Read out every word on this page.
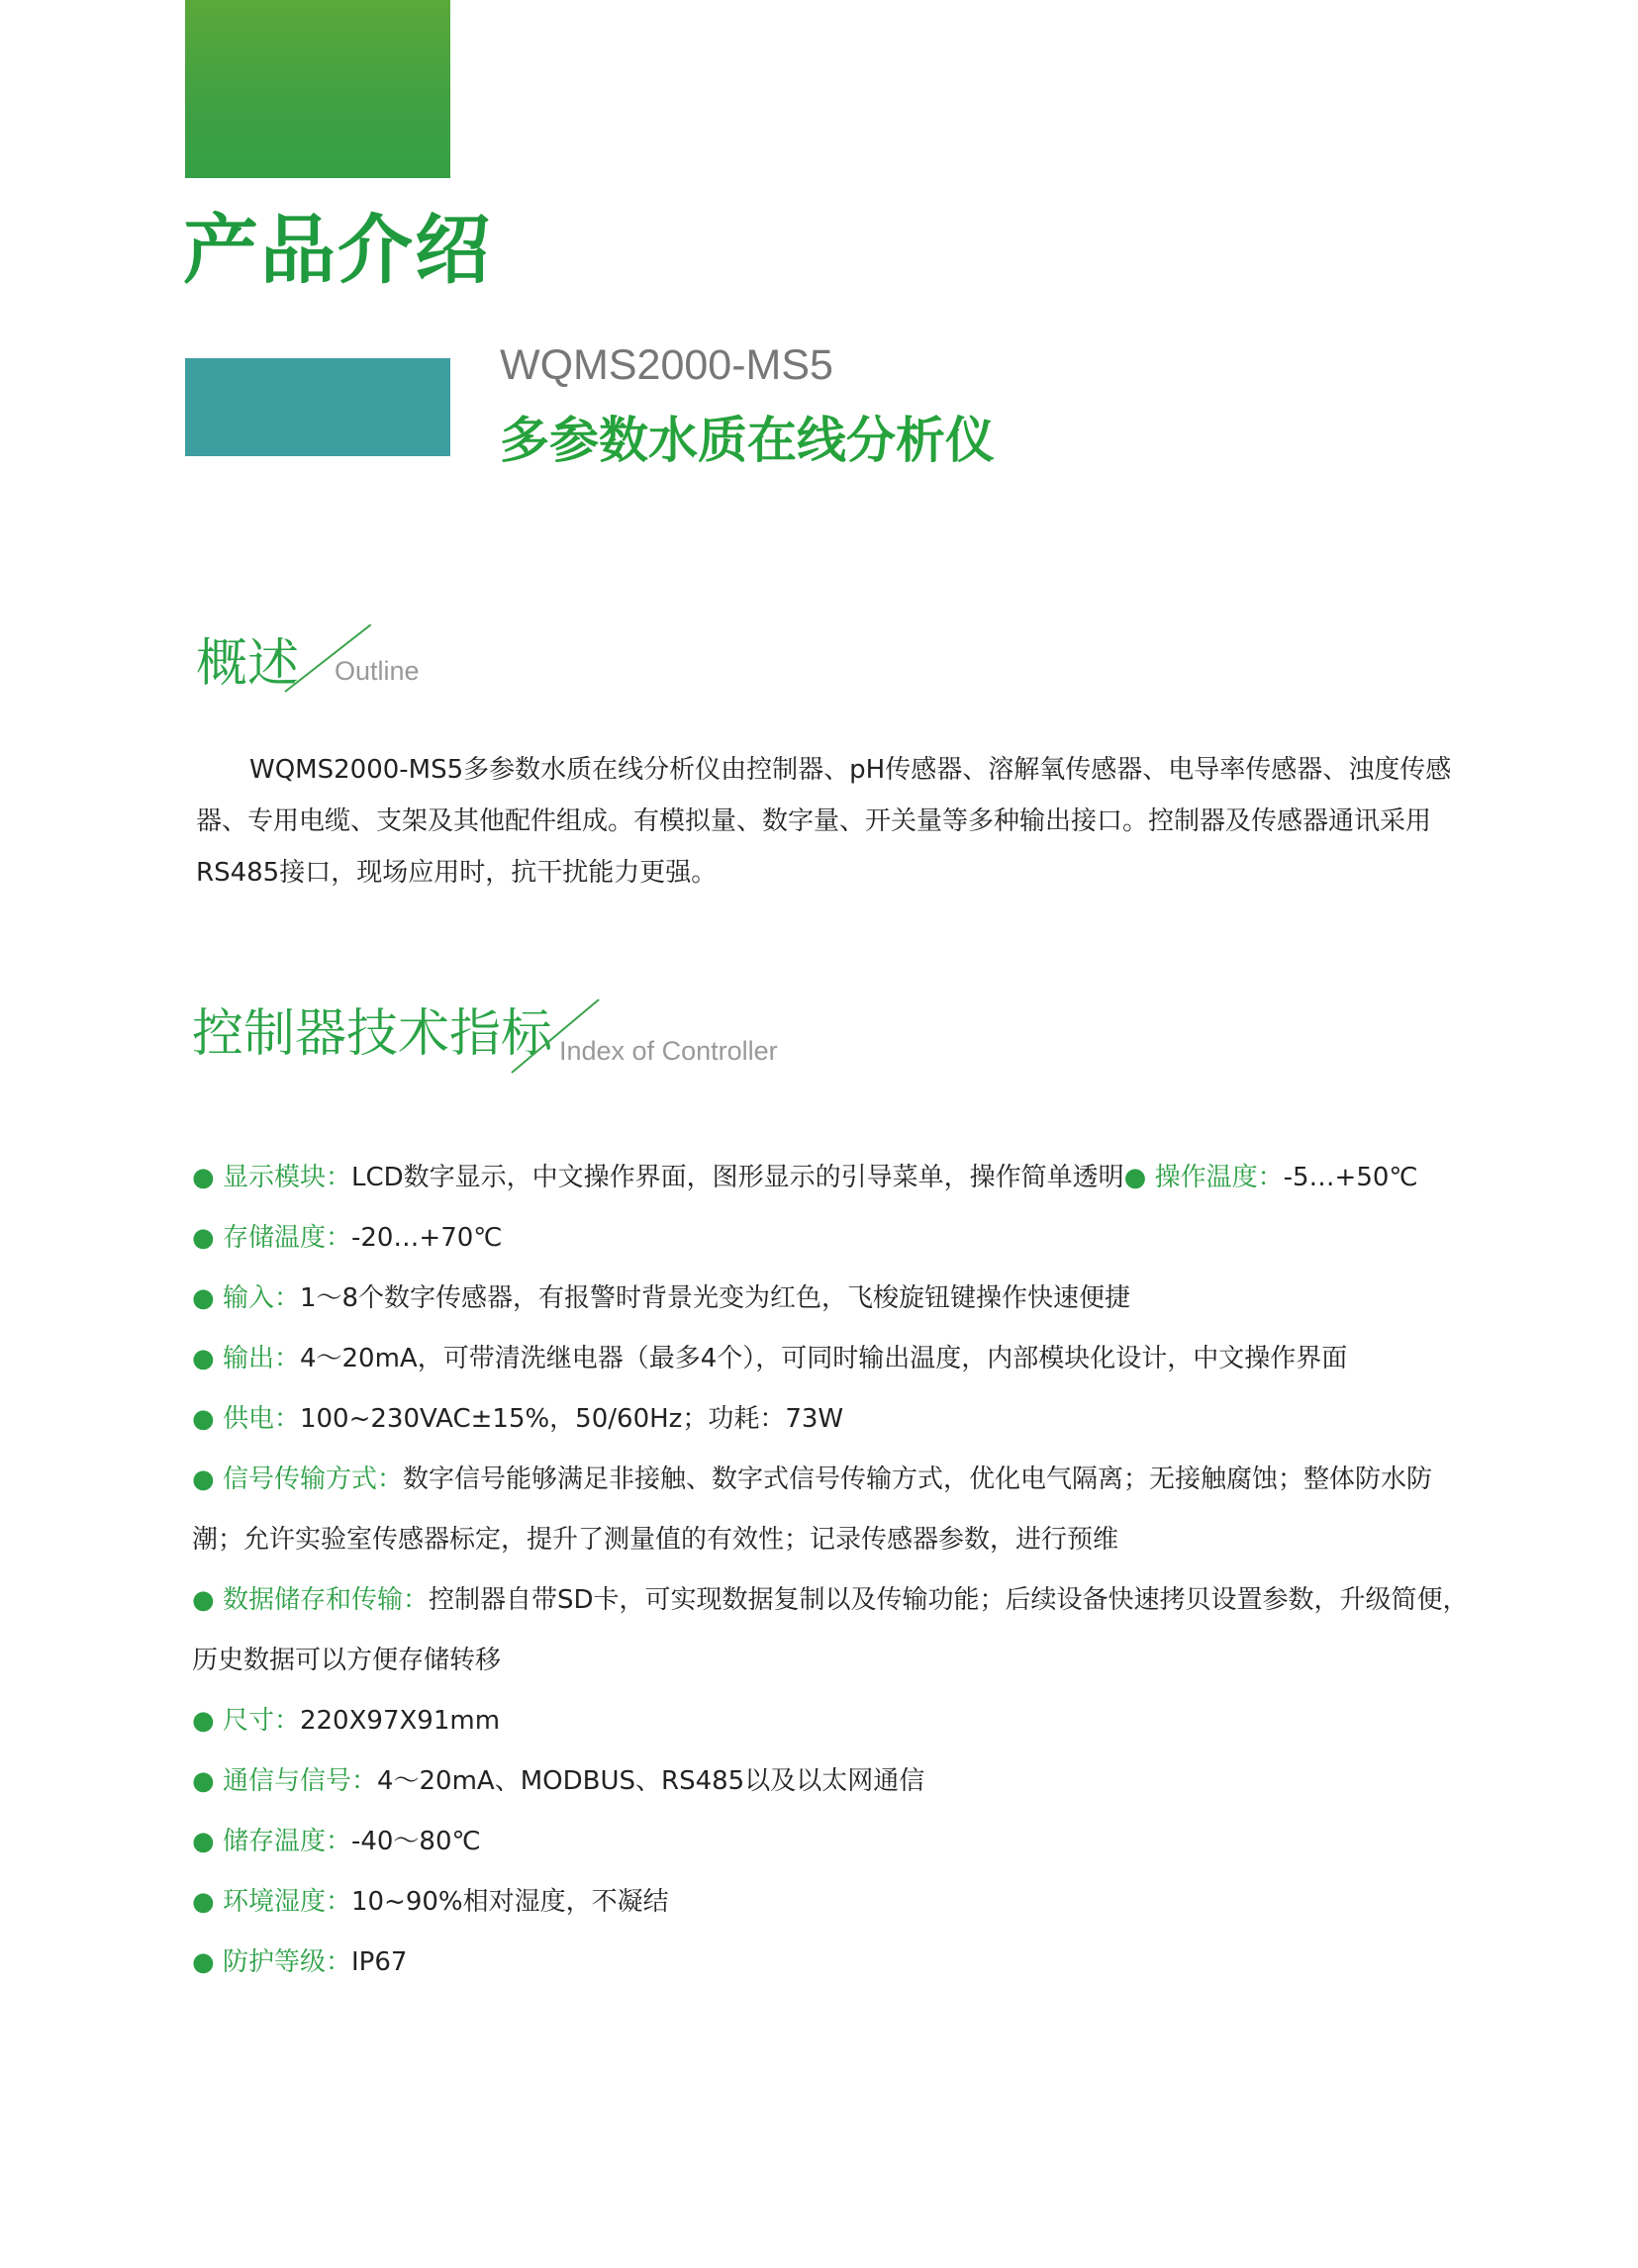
产品介绍
WQMS2000-MS5
多参数水质在线分析仪
概述 Outline

WQMS2000-MS5多参数水质在线分析仪由控制器、pH传感器、溶解氧传感器、电导率传感器、浊度传感器、专用电缆、支架及其他配件组成。有模拟量、数字量、开关量等多种输出接口。控制器及传感器通讯采用RS485接口，现场应用时，抗干扰能力更强。

控制器技术指标 Index of Controller
● 显示模块：LCD数字显示，中文操作界面，图形显示的引导菜单，操作简单透明● 操作温度：-5…+50℃
● 存储温度：-20…+70℃
● 输入：1～8个数字传感器，有报警时背景光变为红色，飞梭旋钮键操作快速便捷
● 输出：4～20mA，可带清洗继电器（最多4个），可同时输出温度，内部模块化设计，中文操作界面
● 供电：100~230VAC±15%，50/60Hz；功耗：73W
● 信号传输方式：数字信号能够满足非接触、数字式信号传输方式，优化电气隔离；无接触腐蚀；整体防水防潮；允许实验室传感器标定，提升了测量值的有效性；记录传感器参数，进行预维
● 数据储存和传输：控制器自带SD卡，可实现数据复制以及传输功能；后续设备快速拷贝设置参数，升级简便，历史数据可以方便存储转移
● 尺寸：220X97X91mm
● 通信与信号：4～20mA、MODBUS、RS485以及以太网通信
● 储存温度：-40～80℃
● 环境湿度：10~90%相对湿度，不凝结
● 防护等级：IP67
